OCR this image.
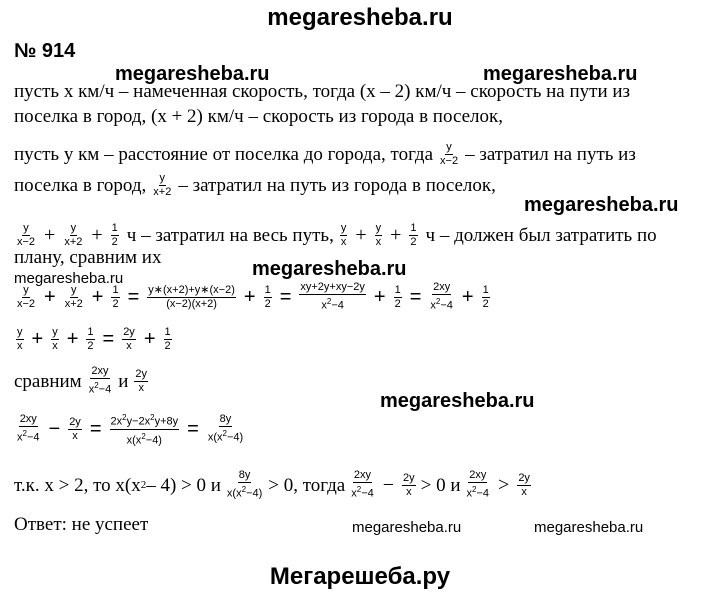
megaresheba.ru
megaresheba.ru	megaresheba.ru
megaresheba.ru
megaresheba.ru	megaresheba.ru
megaresheba.ru
megaresheba.ru	megaresheba.ru
№ 914
пусть x км/ч – намеченная скорость, тогда (x – 2) км/ч – скорость на пути из
поселка в город, (x + 2) км/ч – скорость из города в поселок,
пусть y км – расстояние от поселка до города, тогда $\frac{y}{x-2}$ – затратил на путь из
поселка в город, $\frac{y}{x+2}$ – затратил на путь из города в поселок,
$\frac{y}{x-2} + \frac{y}{x+2} + \frac{1}{2}$ ч – затратил на весь путь, $\frac{y}{x} + \frac{y}{x} + \frac{1}{2}$ ч – должен был затратить по
плану, сравним их
$\frac{y}{x-2} + \frac{y}{x+2} + \frac{1}{2} = \frac{y∗(x+2)+y∗(x-2)}{(x-2)(x+2)} + \frac{1}{2} = \frac{xy+2y+xy-2y}{x^2-4} + \frac{1}{2} = \frac{2xy}{x^2-4} + \frac{1}{2}$
$\frac{y}{x} + \frac{y}{x} + \frac{1}{2} = \frac{2y}{x} + \frac{1}{2}$
сравним $\frac{2xy}{x^2-4}$ и $\frac{2y}{x}$
$\frac{2xy}{x^2-4} - \frac{2y}{x} = \frac{2x^2y-2x^2y+8y}{x(x^2-4)} = \frac{8y}{x(x^2-4)}$
т.к. x > 2, то x(x 2 – 4) > 0 и $\frac{8y}{x(x^2-4)} > 0$, тогда $\frac{2xy}{x^2-4} - \frac{2y}{x} > 0$ и $\frac{2xy}{x^2-4} > \frac{2y}{x}$
Ответ: не успеет
Мегарешеба.ру
